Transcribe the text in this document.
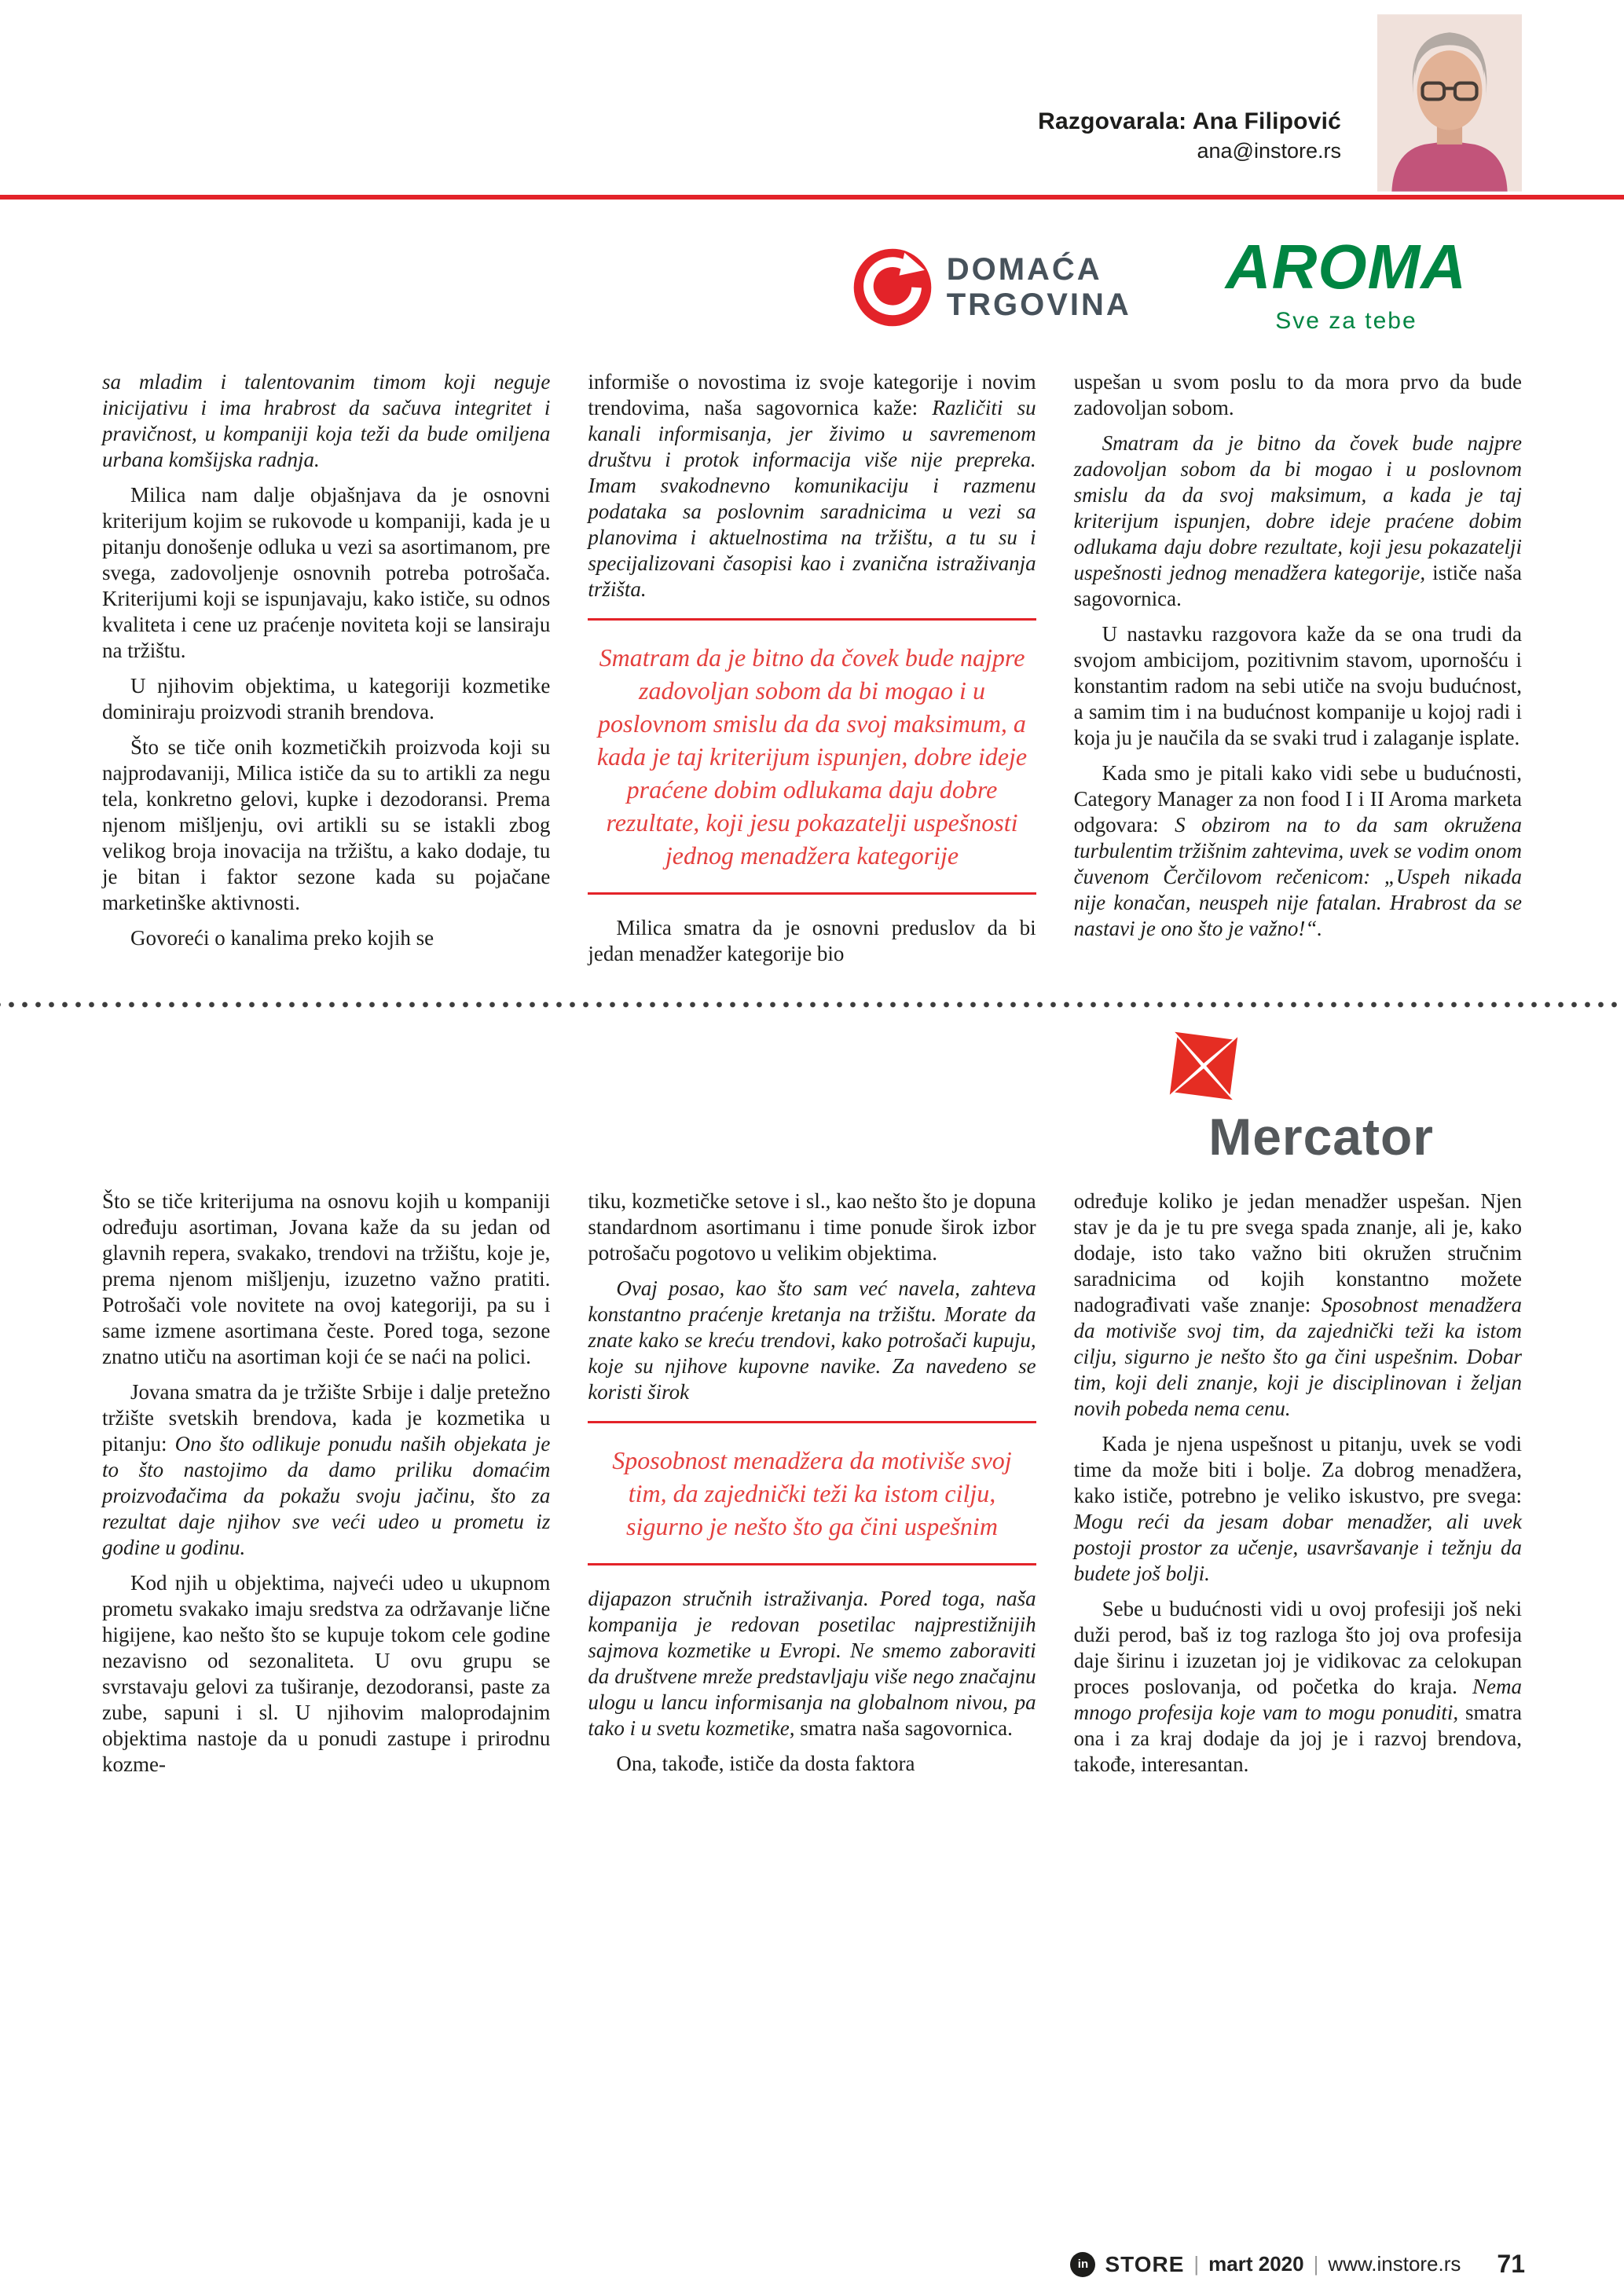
Razgovarala: Ana Filipović
ana@instore.rs
DOMAĆA
TRGOVINA
AROMA
Sve za tebe

sa mladim i talentovanim timom koji neguje inicijativu i ima hrabrost da sačuva integritet i pravičnost, u kompaniji koja teži da bude omiljena urbana komšijska radnja.

Milica nam dalje objašnjava da je osnovni kriterijum kojim se rukovode u kompaniji, kada je u pitanju donošenje odluka u vezi sa asortimanom, pre svega, zadovoljenje osnovnih potreba potrošača. Kriterijumi koji se ispunjavaju, kako ističe, su odnos kvaliteta i cene uz praćenje noviteta koji se lansiraju na tržištu.

U njihovim objektima, u kategoriji kozmetike dominiraju proizvodi stranih brendova.

Što se tiče onih kozmetičkih proizvoda koji su najprodavaniji, Milica ističe da su to artikli za negu tela, konkretno gelovi, kupke i dezodoransi. Prema njenom mišljenju, ovi artikli su se istakli zbog velikog broja inovacija na tržištu, a kako dodaje, tu je bitan i faktor sezone kada su pojačane marketinške aktivnosti.

Govoreći o kanalima preko kojih se

informiše o novostima iz svoje kategorije i novim trendovima, naša sagovornica kaže: Različiti su kanali informisanja, jer živimo u savremenom društvu i protok informacija više nije prepreka. Imam svakodnevno komunikaciju i razmenu podataka sa poslovnim saradnicima u vezi sa planovima i aktuelnostima na tržištu, a tu su i specijalizovani časopisi kao i zvanična istraživanja tržišta.

Smatram da je bitno da čovek bude najpre zadovoljan sobom da bi mogao i u poslovnom smislu da da svoj maksimum, a kada je taj kriterijum ispunjen, dobre ideje praćene dobim odlukama daju dobre rezultate, koji jesu pokazatelji uspešnosti jednog menadžera kategorije

Milica smatra da je osnovni preduslov da bi jedan menadžer kategorije bio

uspešan u svom poslu to da mora prvo da bude zadovoljan sobom.

Smatram da je bitno da čovek bude najpre zadovoljan sobom da bi mogao i u poslovnom smislu da da svoj maksimum, a kada je taj kriterijum ispunjen, dobre ideje praćene dobim odlukama daju dobre rezultate, koji jesu pokazatelji uspešnosti jednog menadžera kategorije, ističe naša sagovornica.

U nastavku razgovora kaže da se ona trudi da svojom ambicijom, pozitivnim stavom, upornošću i konstantim radom na sebi utiče na svoju budućnost, a samim tim i na budućnost kompanije u kojoj radi i koja ju je naučila da se svaki trud i zalaganje isplate.

Kada smo je pitali kako vidi sebe u budućnosti, Category Manager za non food I i II Aroma marketa odgovara: S obzirom na to da sam okružena turbulentim tržišnim zahtevima, uvek se vodim onom čuvenom Čerčilovom rečenicom: „Uspeh nikada nije konačan, neuspeh nije fatalan. Hrabrost da se nastavi je ono što je važno!“.

Mercator

Što se tiče kriterijuma na osnovu kojih u kompaniji određuju asortiman, Jovana kaže da su jedan od glavnih repera, svakako, trendovi na tržištu, koje je, prema njenom mišljenju, izuzetno važno pratiti. Potrošači vole novitete na ovoj kategoriji, pa su i same izmene asortimana česte. Pored toga, sezone znatno utiču na asortiman koji će se naći na polici.

Jovana smatra da je tržište Srbije i dalje pretežno tržište svetskih brendova, kada je kozmetika u pitanju: Ono što odlikuje ponudu naših objekata je to što nastojimo da damo priliku domaćim proizvođačima da pokažu svoju jačinu, što za rezultat daje njihov sve veći udeo u prometu iz godine u godinu.

Kod njih u objektima, najveći udeo u ukupnom prometu svakako imaju sredstva za održavanje lične higijene, kao nešto što se kupuje tokom cele godine nezavisno od sezonaliteta. U ovu grupu se svrstavaju gelovi za tuširanje, dezodoransi, paste za zube, sapuni i sl. U njihovim maloprodajnim objektima nastoje da u ponudi zastupe i prirodnu kozme-

tiku, kozmetičke setove i sl., kao nešto što je dopuna standardnom asortimanu i time ponude širok izbor potrošaču pogotovo u velikim objektima.

Ovaj posao, kao što sam već navela, zahteva konstantno praćenje kretanja na tržištu. Morate da znate kako se kreću trendovi, kako potrošači kupuju, koje su njihove kupovne navike. Za navedeno se koristi širok

Sposobnost menadžera da motiviše svoj tim, da zajednički teži ka istom cilju, sigurno je nešto što ga čini uspešnim

dijapazon stručnih istraživanja. Pored toga, naša kompanija je redovan posetilac najprestižnijih sajmova kozmetike u Evropi. Ne smemo zaboraviti da društvene mreže predstavljaju više nego značajnu ulogu u lancu informisanja na globalnom nivou, pa tako i u svetu kozmetike, smatra naša sagovornica.

Ona, takođe, ističe da dosta faktora

određuje koliko je jedan menadžer uspešan. Njen stav je da je tu pre svega spada znanje, ali je, kako dodaje, isto tako važno biti okružen stručnim saradnicima od kojih konstantno možete nadograđivati vaše znanje: Sposobnost menadžera da motiviše svoj tim, da zajednički teži ka istom cilju, sigurno je nešto što ga čini uspešnim. Dobar tim, koji deli znanje, koji je disciplinovan i željan novih pobeda nema cenu.

Kada je njena uspešnost u pitanju, uvek se vodi time da može biti i bolje. Za dobrog menadžera, kako ističe, potrebno je veliko iskustvo, pre svega: Mogu reći da jesam dobar menadžer, ali uvek postoji prostor za učenje, usavršavanje i težnju da budete još bolji.

Sebe u budućnosti vidi u ovoj profesiji još neki duži perod, baš iz tog razloga što joj ova profesija daje širinu i izuzetan joj je vidikovac za celokupan proces poslovanja, od početka do kraja. Nema mnogo profesija koje vam to mogu ponuditi, smatra ona i za kraj dodaje da joj je i razvoj brendova, takođe, interesantan.

in STORE | mart 2020 | www.instore.rs 71
